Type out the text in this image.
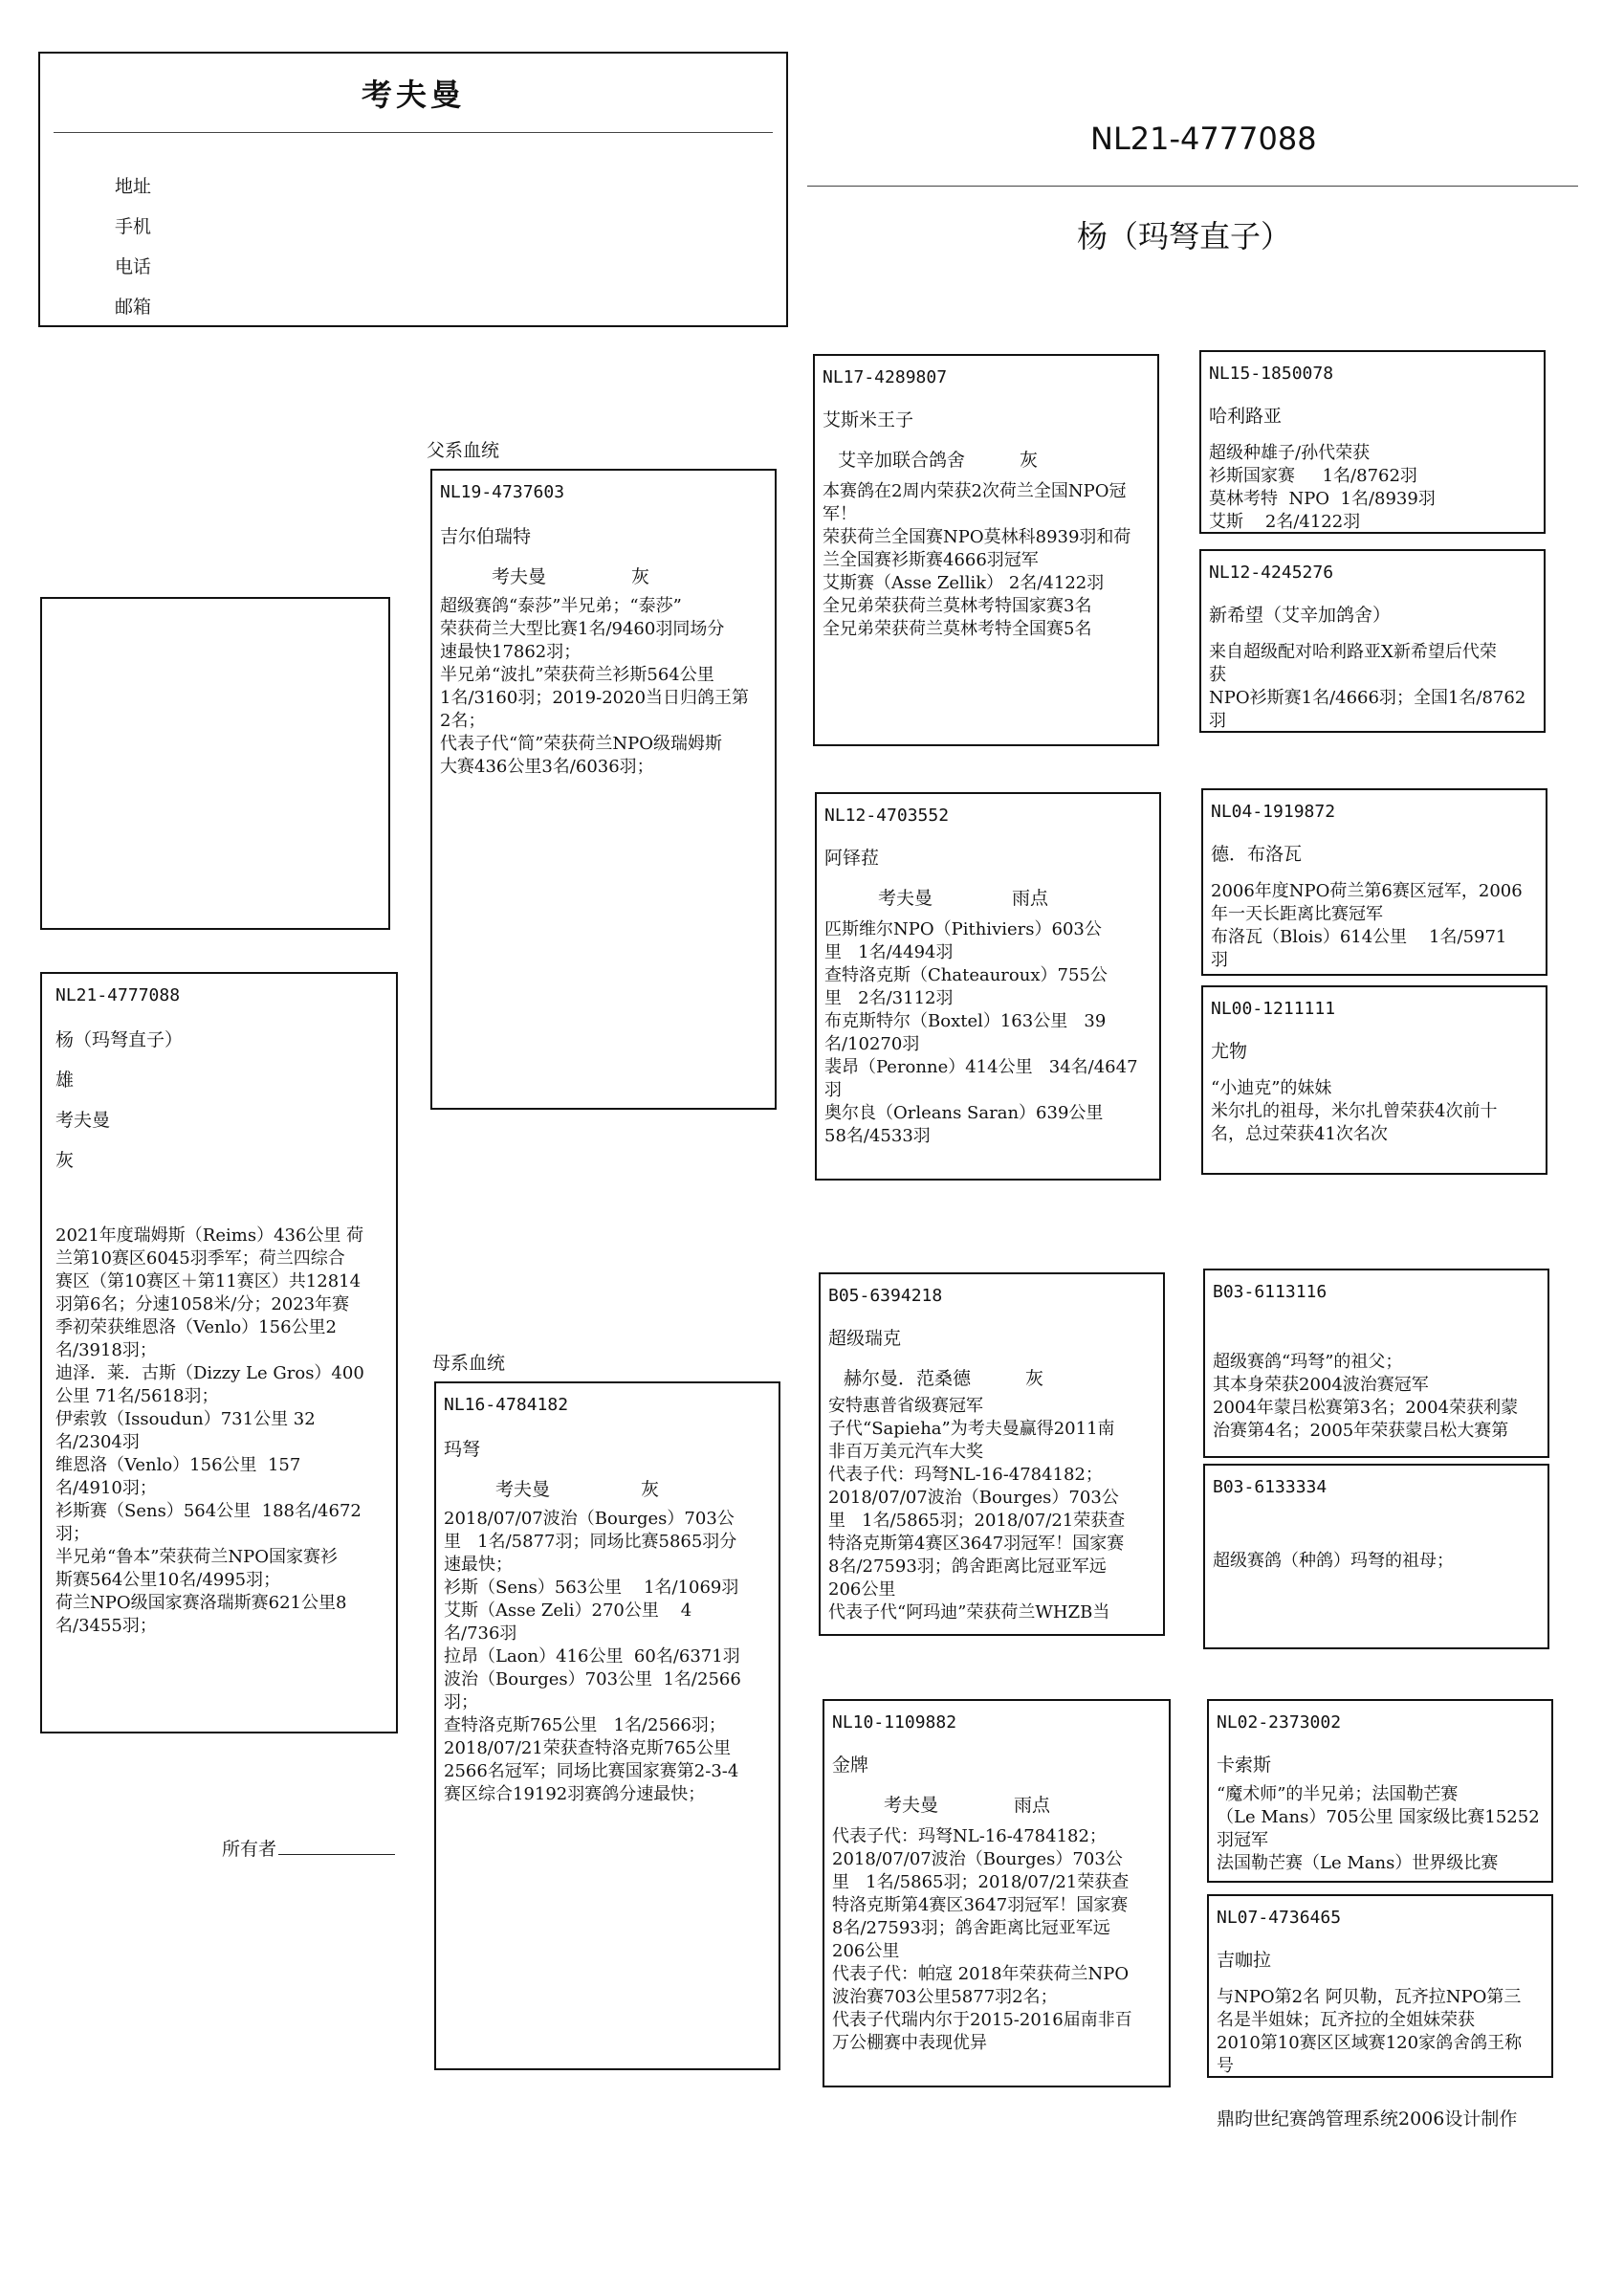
考夫曼
地址
手机
电话
邮箱
NL21-4777088
杨（玛弩直子）
父系血统
母系血统
NL21-4777088
杨（玛弩直子）
雄
考夫曼
灰
2021年度瑞姆斯（Reims）436公里 荷
兰第10赛区6045羽季军；荷兰四综合
赛区（第10赛区＋第11赛区）共12814
羽第6名；分速1058米/分；2023年赛
季初荣获维恩洛（Venlo）156公里2
名/3918羽；
迪泽．莱．古斯（Dizzy Le Gros）400
公里 71名/5618羽；
伊索敦（Issoudun）731公里 32
名/2304羽
维恩洛（Venlo）156公里  157
名/4910羽；
衫斯赛（Sens）564公里  188名/4672
羽；
半兄弟“鲁本”荣获荷兰NPO国家赛衫
斯赛564公里10名/4995羽；
荷兰NPO级国家赛洛瑞斯赛621公里8
名/3455羽；
所有者
NL19-4737603
吉尔伯瑞特
考夫曼	灰
超级赛鸽“泰莎”半兄弟；“泰莎”
荣获荷兰大型比赛1名/9460羽同场分
速最快17862羽；
半兄弟“波扎”荣获荷兰衫斯564公里
1名/3160羽；2019-2020当日归鸽王第
2名；
代表子代“简”荣获荷兰NPO级瑞姆斯
大赛436公里3名/6036羽；
NL16-4784182
玛弩
考夫曼	灰
2018/07/07波治（Bourges）703公
里   1名/5877羽；同场比赛5865羽分
速最快；
衫斯（Sens）563公里    1名/1069羽
艾斯（Asse Zeli）270公里    4
名/736羽
拉昂（Laon）416公里  60名/6371羽
波治（Bourges）703公里  1名/2566
羽；
查特洛克斯765公里   1名/2566羽；
2018/07/21荣获查特洛克斯765公里
2566名冠军；同场比赛国家赛第2-3-4
赛区综合19192羽赛鸽分速最快；
NL17-4289807
艾斯米王子
艾辛加联合鸽舍	灰
本赛鸽在2周内荣获2次荷兰全国NPO冠
军！
荣获荷兰全国赛NPO莫林科8939羽和荷
兰全国赛衫斯赛4666羽冠军
艾斯赛（Asse Zellik） 2名/4122羽
全兄弟荣获荷兰莫林考特国家赛3名
全兄弟荣获荷兰莫林考特全国赛5名
NL15-1850078
哈利路亚
超级种雄子/孙代荣获
衫斯国家赛     1名/8762羽
莫林考特  NPO  1名/8939羽
艾斯    2名/4122羽
NL12-4245276
新希望（艾辛加鸽舍）
来自超级配对哈利路亚X新希望后代荣
获
NPO衫斯赛1名/4666羽；全国1名/8762
羽
NL12-4703552
阿铎菈
考夫曼	雨点
匹斯维尔NPO（Pithiviers）603公
里   1名/4494羽
查特洛克斯（Chateauroux）755公
里   2名/3112羽
布克斯特尔（Boxtel）163公里   39
名/10270羽
裴昂（Peronne）414公里   34名/4647
羽
奥尔良（Orleans Saran）639公里
58名/4533羽
NL04-1919872
德．布洛瓦
2006年度NPO荷兰第6赛区冠军，2006
年一天长距离比赛冠军
布洛瓦（Blois）614公里    1名/5971
羽
NL00-1211111
尤物
“小迪克”的妹妹
米尔扎的祖母，米尔扎曾荣获4次前十
名，总过荣获41次名次
B05-6394218
超级瑞克
赫尔曼．范桑德	灰
安特惠普省级赛冠军
子代“Sapieha”为考夫曼赢得2011南
非百万美元汽车大奖
代表子代：玛弩NL-16-4784182；
2018/07/07波治（Bourges）703公
里   1名/5865羽；2018/07/21荣获查
特洛克斯第4赛区3647羽冠军！国家赛
8名/27593羽；鸽舍距离比冠亚军远
206公里
代表子代“阿玛迪”荣获荷兰WHZB当
B03-6113116
超级赛鸽“玛弩”的祖父；
其本身荣获2004波治赛冠军
2004年蒙吕松赛第3名；2004荣获利蒙
治赛第4名；2005年荣获蒙吕松大赛第
B03-6133334
超级赛鸽（种鸽）玛弩的祖母；
NL10-1109882
金牌
考夫曼	雨点
代表子代：玛弩NL-16-4784182；
2018/07/07波治（Bourges）703公
里   1名/5865羽；2018/07/21荣获查
特洛克斯第4赛区3647羽冠军！国家赛
8名/27593羽；鸽舍距离比冠亚军远
206公里
代表子代：帕寇 2018年荣获荷兰NPO
波治赛703公里5877羽2名；
代表子代瑞内尔于2015-2016届南非百
万公棚赛中表现优异
NL02-2373002
卡索斯
“魔术师”的半兄弟；法国勒芒赛
（Le Mans）705公里 国家级比赛15252
羽冠军
法国勒芒赛（Le Mans）世界级比赛
NL07-4736465
吉咖拉
与NPO第2名 阿贝勒，瓦齐拉NPO第三
名是半姐妹；瓦齐拉的全姐妹荣获
2010第10赛区区域赛120家鸽舍鸽王称
号
鼎昀世纪赛鸽管理系统2006设计制作
